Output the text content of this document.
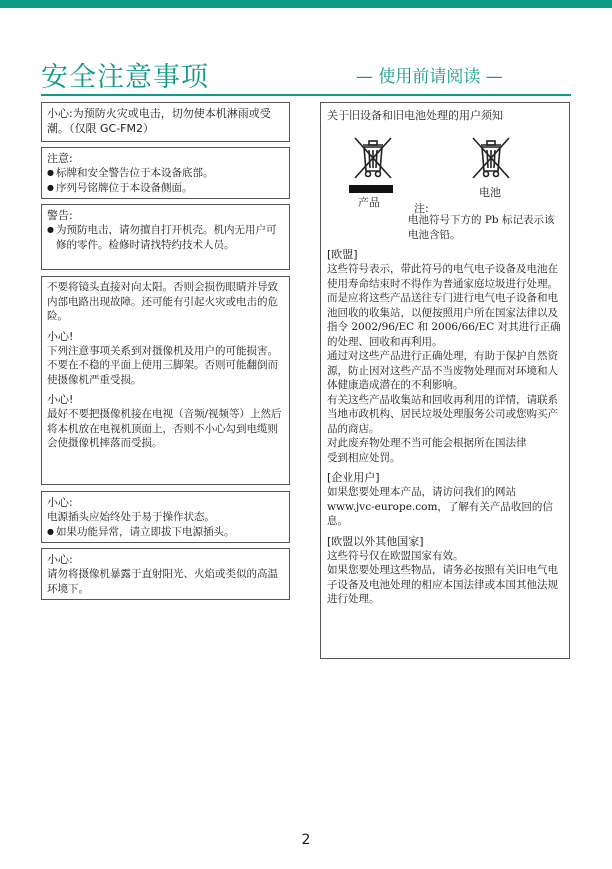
安全注意事项	— 使用前请阅读 —
小心:为预防火灾或电击，切勿使本机淋雨或受潮。（仅限 GC-FM2）
注意:
● 标牌和安全警告位于本设备底部。
● 序列号铭牌位于本设备侧面。
警告:
● 为预防电击，请勿擅自打开机壳。机内无用户可修的零件。检修时请找特约技术人员。
不要将镜头直接对向太阳。否则会损伤眼睛并导致内部电路出现故障。还可能有引起火灾或电击的危险。
小心!
下列注意事项关系到对摄像机及用户的可能损害。
不要在不稳的平面上使用三脚架。否则可能翻倒而使摄像机严重受损。
小心!
最好不要把摄像机接在电视（音频/视频等）上然后将本机放在电视机顶面上，否则不小心勾到电缆则会使摄像机摔落而受损。
小心:
电源插头应始终处于易于操作状态。
● 如果功能异常，请立即拔下电源插头。
小心:
请勿将摄像机暴露于直射阳光、火焰或类似的高温环境下。
关于旧设备和旧电池处理的用户须知
产品
电池
注:
电池符号下方的 Pb 标记表示该电池含铅。
[欧盟]
这些符号表示，带此符号的电气电子设备及电池在使用寿命结束时不得作为普通家庭垃圾进行处理。而是应将这些产品送往专门进行电气电子设备和电池回收的收集站，以便按照用户所在国家法律以及指令 2002/96/EC 和 2006/66/EC 对其进行正确的处理、回收和再利用。
通过对这些产品进行正确处理，有助于保护自然资源，防止因对这些产品不当废物处理而对环境和人体健康造成潜在的不利影响。
有关这些产品收集站和回收再利用的详情，请联系当地市政机构、居民垃圾处理服务公司或您购买产品的商店。
对此废弃物处理不当可能会根据所在国法律
受到相应处罚。
[企业用户]
如果您要处理本产品，请访问我们的网站 www.jvc-europe.com，了解有关产品收回的信息。
[欧盟以外其他国家]
这些符号仅在欧盟国家有效。
如果您要处理这些物品，请务必按照有关旧电气电子设备及电池处理的相应本国法律或本国其他法规进行处理。
2
